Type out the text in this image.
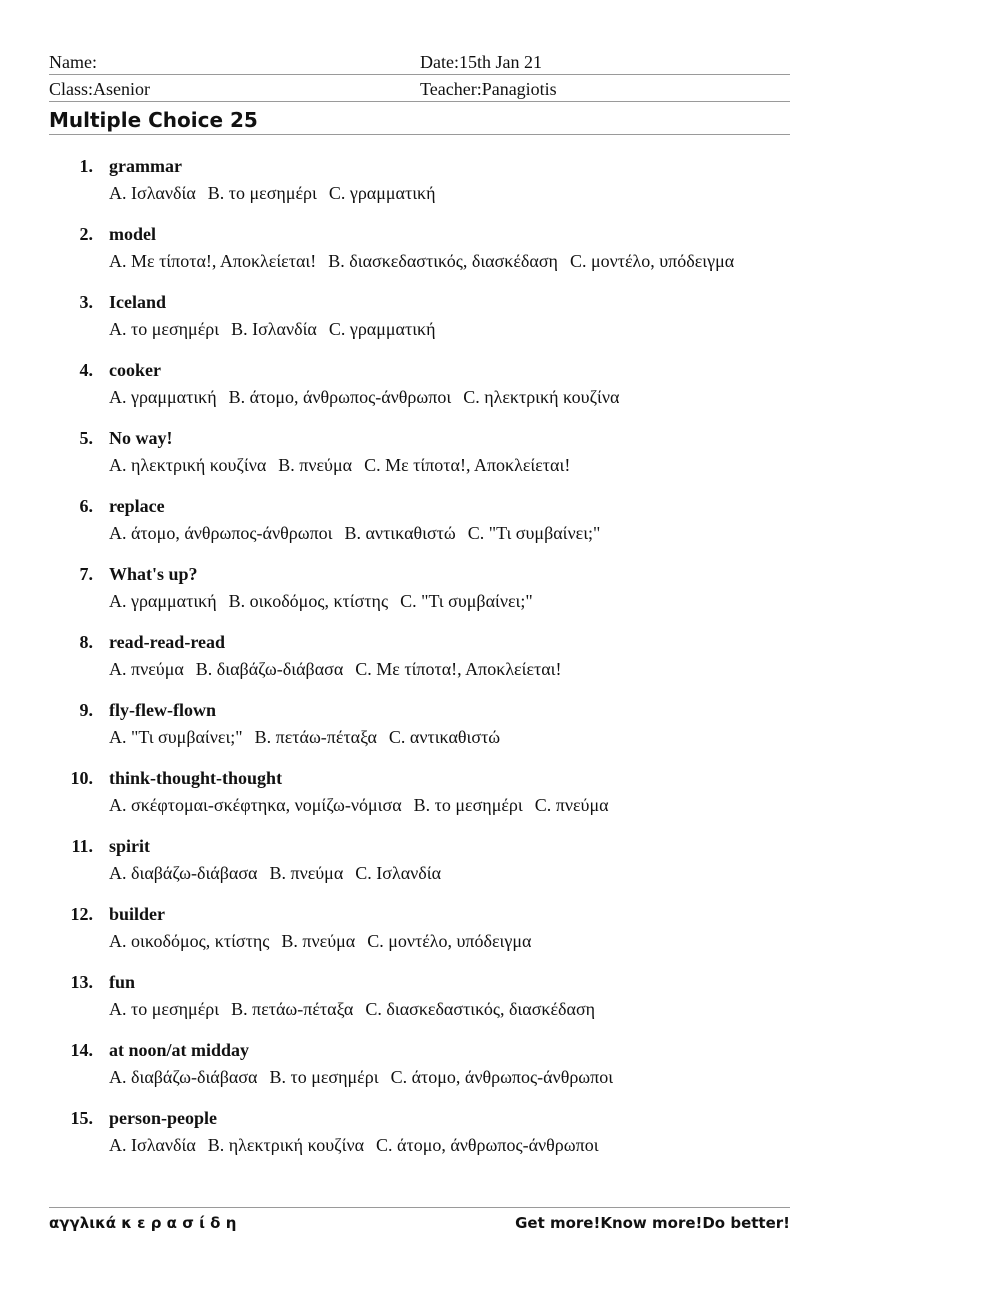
Name:	Date:15th Jan 21
Class:Asenior	Teacher:Panagiotis
Multiple Choice 25
1. grammar
A. Ισλανδία B. το μεσημέρι C. γραμματική
2. model
A. Με τίποτα!, Αποκλείεται! B. διασκεδαστικός, διασκέδαση C. μοντέλο, υπόδειγμα
3. Iceland
A. το μεσημέρι B. Ισλανδία C. γραμματική
4. cooker
A. γραμματική B. άτομο, άνθρωπος-άνθρωποι C. ηλεκτρική κουζίνα
5. No way!
A. ηλεκτρική κουζίνα B. πνεύμα C. Με τίποτα!, Αποκλείεται!
6. replace
A. άτομο, άνθρωπος-άνθρωποι B. αντικαθιστώ C. "Τι συμβαίνει;"
7. What's up?
A. γραμματική B. οικοδόμος, κτίστης C. "Τι συμβαίνει;"
8. read-read-read
A. πνεύμα B. διαβάζω-διάβασα C. Με τίποτα!, Αποκλείεται!
9. fly-flew-flown
A. "Τι συμβαίνει;" B. πετάω-πέταξα C. αντικαθιστώ
10. think-thought-thought
A. σκέφτομαι-σκέφτηκα, νομίζω-νόμισα B. το μεσημέρι C. πνεύμα
11. spirit
A. διαβάζω-διάβασα B. πνεύμα C. Ισλανδία
12. builder
A. οικοδόμος, κτίστης B. πνεύμα C. μοντέλο, υπόδειγμα
13. fun
A. το μεσημέρι B. πετάω-πέταξα C. διασκεδαστικός, διασκέδαση
14. at noon/at midday
A. διαβάζω-διάβασα B. το μεσημέρι C. άτομο, άνθρωπος-άνθρωποι
15. person-people
A. Ισλανδία B. ηλεκτρική κουζίνα C. άτομο, άνθρωπος-άνθρωποι
αγγλικά κ ε ρ α σ ί δ η	Get more!Know more!Do better!
